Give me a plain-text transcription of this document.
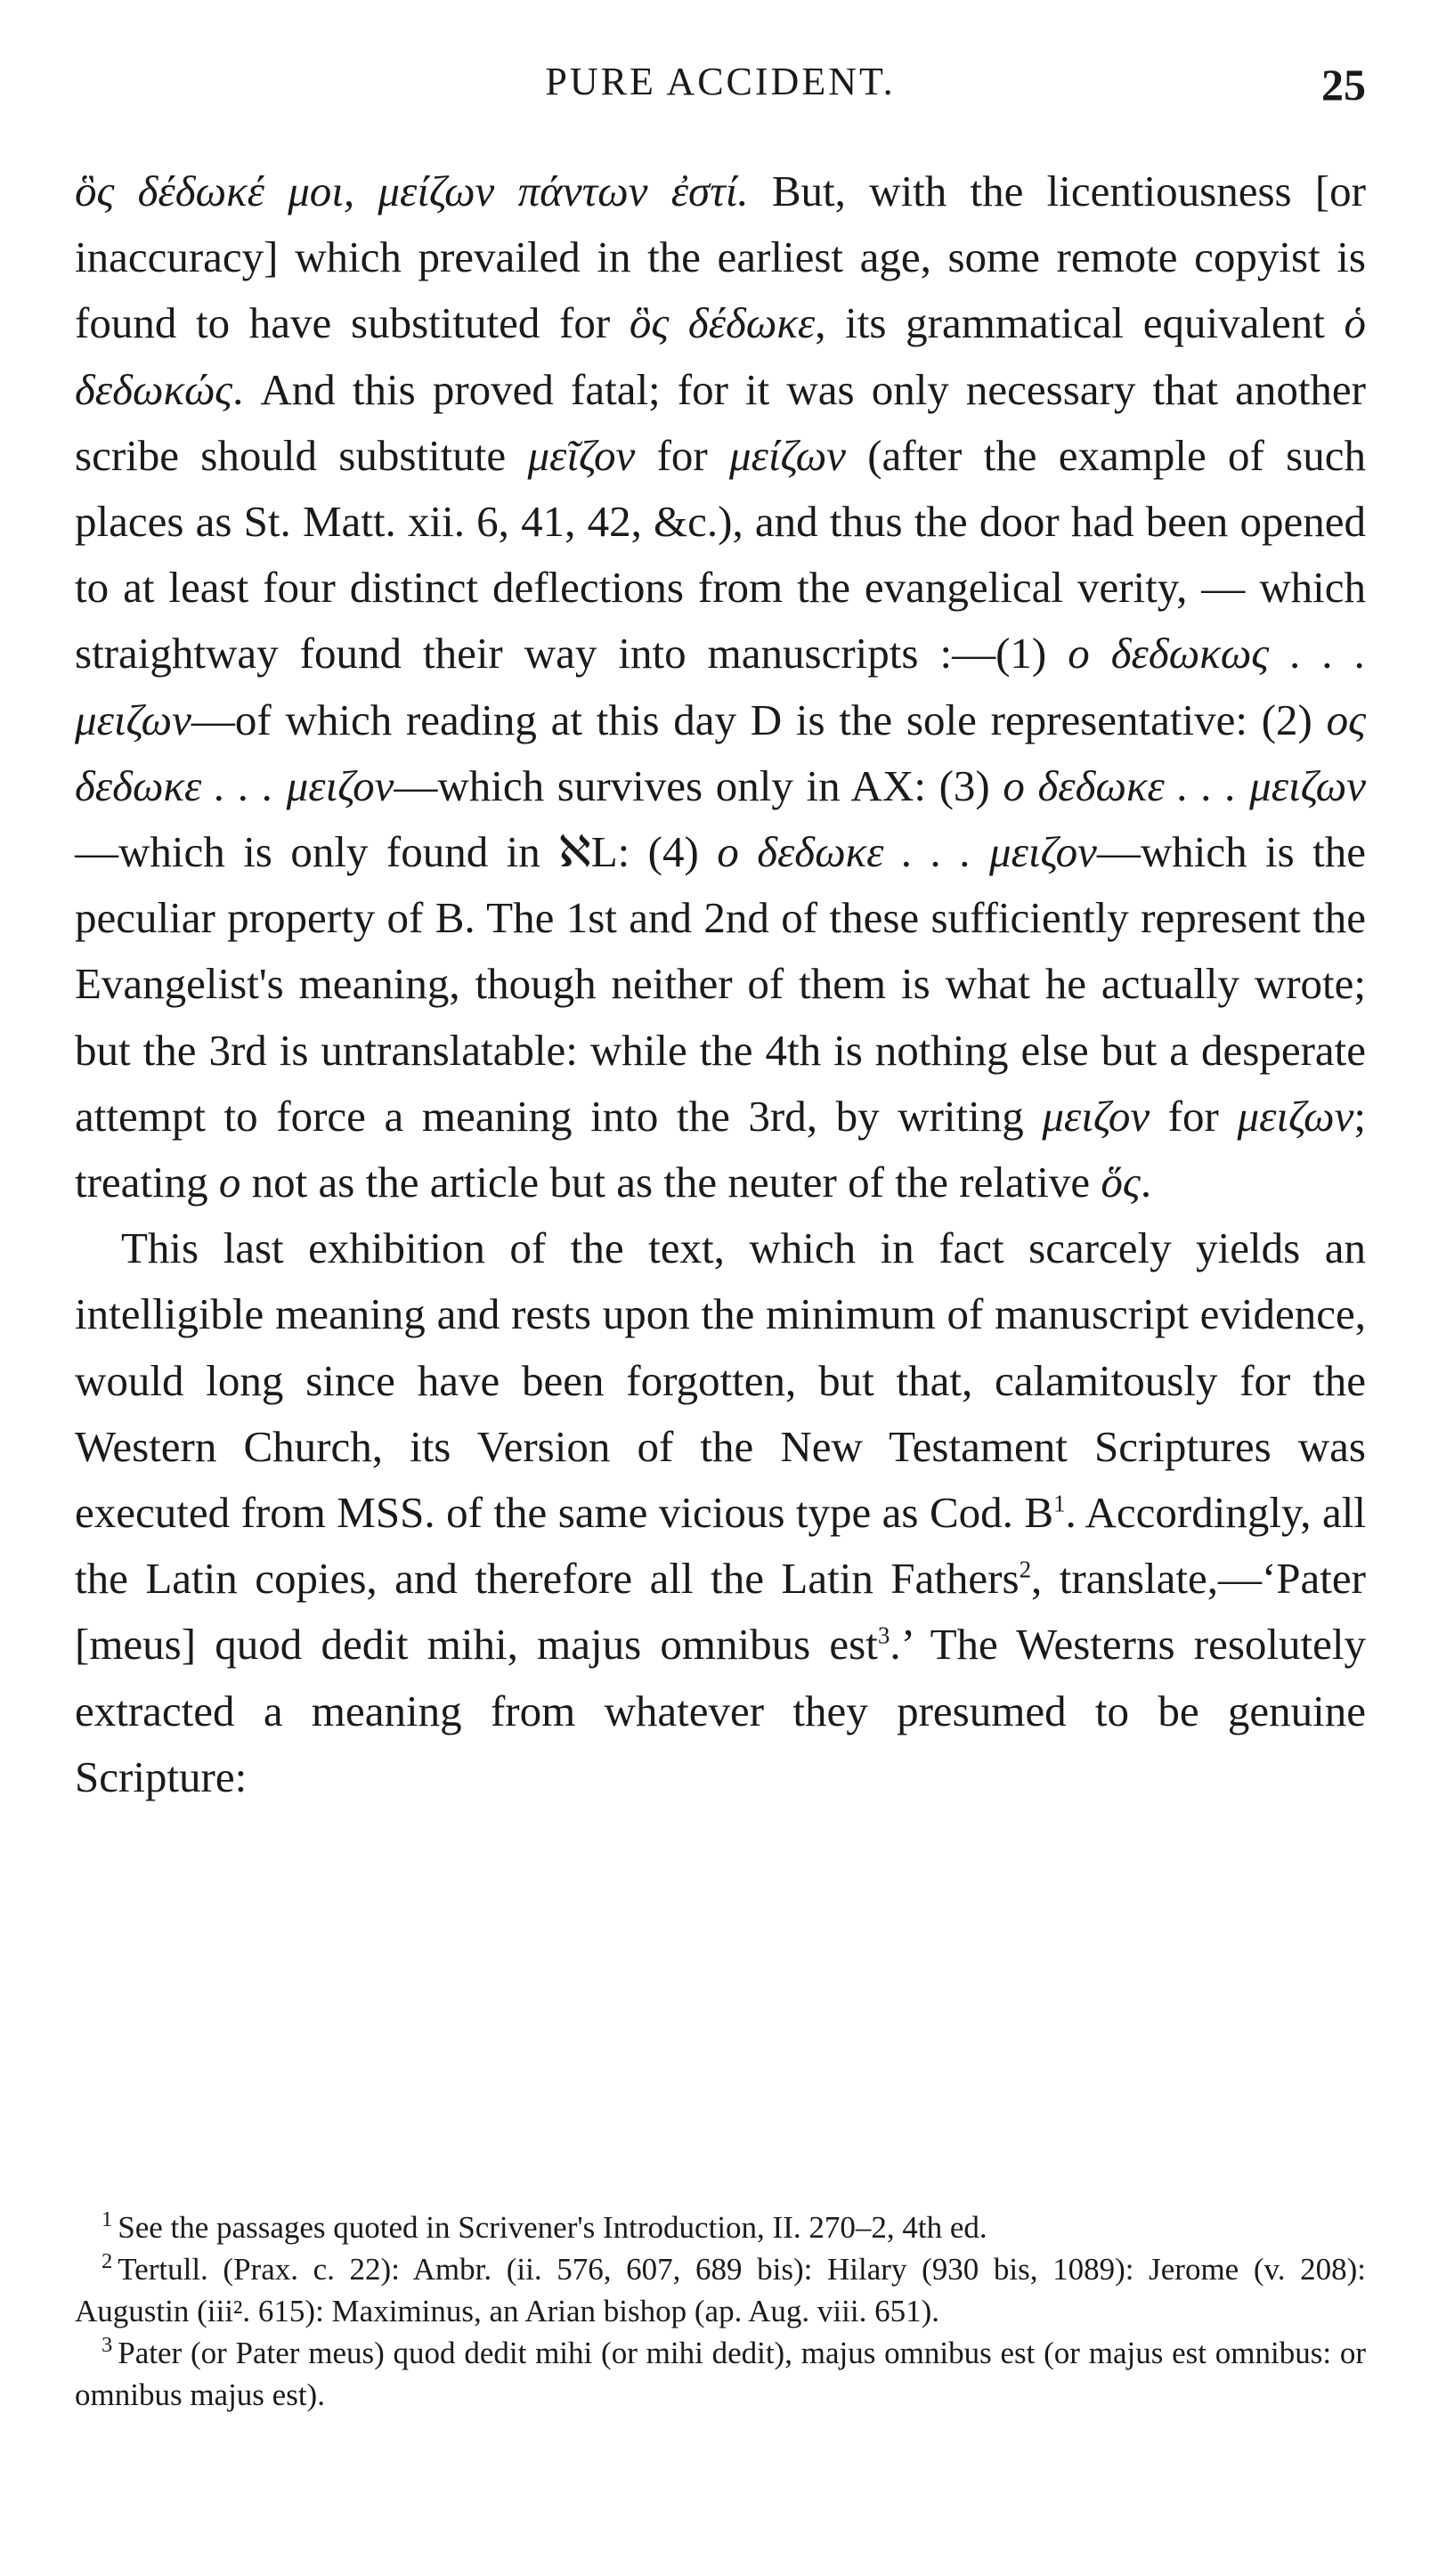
PURE ACCIDENT.	25

ὃς δέδωκέ μοι, μείζων πάντων ἐστί. But, with the licentiousness [or inaccuracy] which prevailed in the earliest age, some remote copyist is found to have substituted for ὃς δέδωκε, its grammatical equivalent ὁ δεδωκώς. And this proved fatal; for it was only necessary that another scribe should substitute μεῖζον for μείζων (after the example of such places as St. Matt. xii. 6, 41, 42, &c.), and thus the door had been opened to at least four distinct deflections from the evangelical verity, — which straightway found their way into manuscripts :—(1) ο δεδωκως . . . μειζων—of which reading at this day D is the sole representative: (2) ος δεδωκε . . . μειζον—which survives only in AX: (3) ο δεδωκε . . . μειζων—which is only found in ℵL: (4) ο δεδωκε . . . μειζον—which is the peculiar property of B. The 1st and 2nd of these sufficiently represent the Evangelist's meaning, though neither of them is what he actually wrote; but the 3rd is untranslatable: while the 4th is nothing else but a desperate attempt to force a meaning into the 3rd, by writing μειζον for μειζων; treating ο not as the article but as the neuter of the relative ὅς.

This last exhibition of the text, which in fact scarcely yields an intelligible meaning and rests upon the minimum of manuscript evidence, would long since have been forgotten, but that, calamitously for the Western Church, its Version of the New Testament Scriptures was executed from MSS. of the same vicious type as Cod. $B^1$. Accordingly, all the Latin copies, and therefore all the Latin Fathers$^2$, translate,—‘Pater [meus] quod dedit mihi, majus omnibus est$^3$.’ The Westerns resolutely extracted a meaning from whatever they presumed to be genuine Scripture:

$^1$ See the passages quoted in Scrivener's Introduction, II. 270–2, 4th ed.

$^2$ Tertull. (Prax. c. 22): Ambr. (ii. 576, 607, 689 bis): Hilary (930 bis, 1089): Jerome (v. 208): Augustin (iii². 615): Maximinus, an Arian bishop (ap. Aug. viii. 651).

$^3$ Pater (or Pater meus) quod dedit mihi (or mihi dedit), majus omnibus est (or majus est omnibus: or omnibus majus est).
